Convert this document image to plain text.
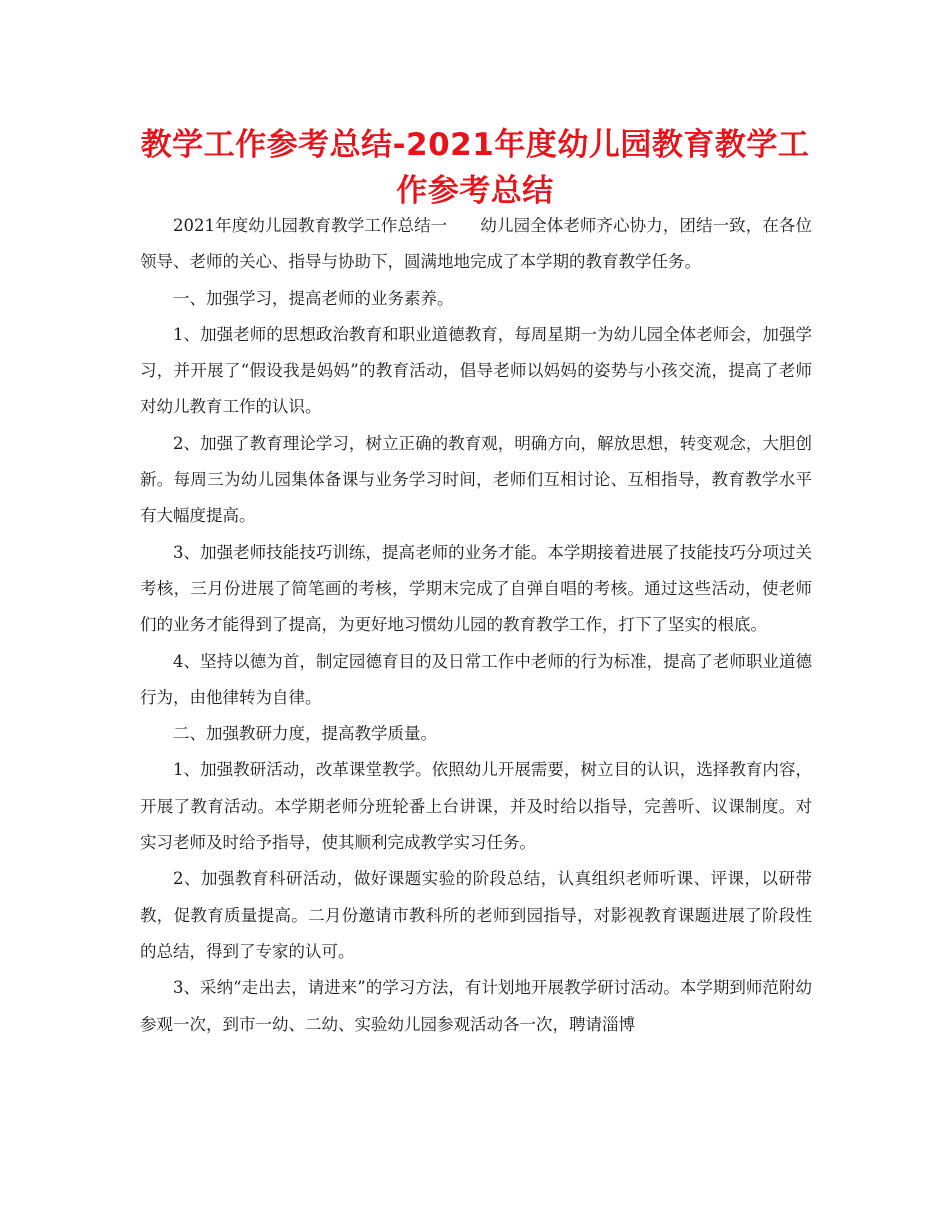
教学工作参考总结-2021年度幼儿园教育教学工作参考总结

2021年度幼儿园教育教学工作总结一　　幼儿园全体老师齐心协力，团结一致，在各位领导、老师的关心、指导与协助下，圆满地地完成了本学期的教育教学任务。

一、加强学习，提高老师的业务素养。

1、加强老师的思想政治教育和职业道德教育，每周星期一为幼儿园全体老师会，加强学习，并开展了“假设我是妈妈”的教育活动，倡导老师以妈妈的姿势与小孩交流，提高了老师对幼儿教育工作的认识。

2、加强了教育理论学习，树立正确的教育观，明确方向，解放思想，转变观念，大胆创新。每周三为幼儿园集体备课与业务学习时间，老师们互相讨论、互相指导，教育教学水平有大幅度提高。

3、加强老师技能技巧训练，提高老师的业务才能。本学期接着进展了技能技巧分项过关考核，三月份进展了简笔画的考核，学期末完成了自弹自唱的考核。通过这些活动，使老师们的业务才能得到了提高，为更好地习惯幼儿园的教育教学工作，打下了坚实的根底。

4、坚持以德为首，制定园德育目的及日常工作中老师的行为标准，提高了老师职业道德行为，由他律转为自律。

二、加强教研力度，提高教学质量。

1、加强教研活动，改革课堂教学。依照幼儿开展需要，树立目的认识，选择教育内容，开展了教育活动。本学期老师分班轮番上台讲课，并及时给以指导，完善听、议课制度。对实习老师及时给予指导，使其顺利完成教学实习任务。

2、加强教育科研活动，做好课题实验的阶段总结，认真组织老师听课、评课，以研带教，促教育质量提高。二月份邀请市教科所的老师到园指导，对影视教育课题进展了阶段性的总结，得到了专家的认可。

3、采纳“走出去，请进来”的学习方法，有计划地开展教学研讨活动。本学期到师范附幼参观一次，到市一幼、二幼、实验幼儿园参观活动各一次，聘请淄博
